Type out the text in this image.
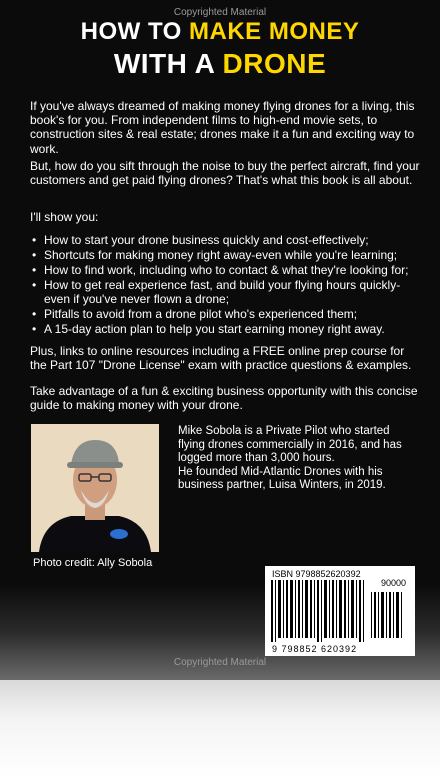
Copyrighted Material
HOW TO MAKE MONEY
WITH A DRONE
If you've always dreamed of making money flying drones for a living, this book's for you. From independent films to high-end movie sets, to construction sites & real estate; drones make it a fun and exciting way to work.
But, how do you sift through the noise to buy the perfect aircraft, find your customers and get paid flying drones? That's what this book is all about.
I'll show you:
• How to start your drone business quickly and cost-effectively;
• Shortcuts for making money right away-even while you're learning;
• How to find work, including who to contact & what they're looking for;
• How to get real experience fast, and build your flying hours quickly-even if you've never flown a drone;
• Pitfalls to avoid from a drone pilot who's experienced them;
• A 15-day action plan to help you start earning money right away.
Plus, links to online resources including a FREE online prep course for the Part 107 "Drone License" exam with practice questions & examples.
Take advantage of a fun & exciting business opportunity with this concise guide to making money with your drone.
Photo credit: Ally Sobola
Mike Sobola is a Private Pilot who started flying drones commercially in 2016, and has logged more than 3,000 hours.
He founded Mid-Atlantic Drones with his business partner, Luisa Winters, in 2019.
ISBN 9798852620392
90000
9 798852 620392
Copyrighted Material
